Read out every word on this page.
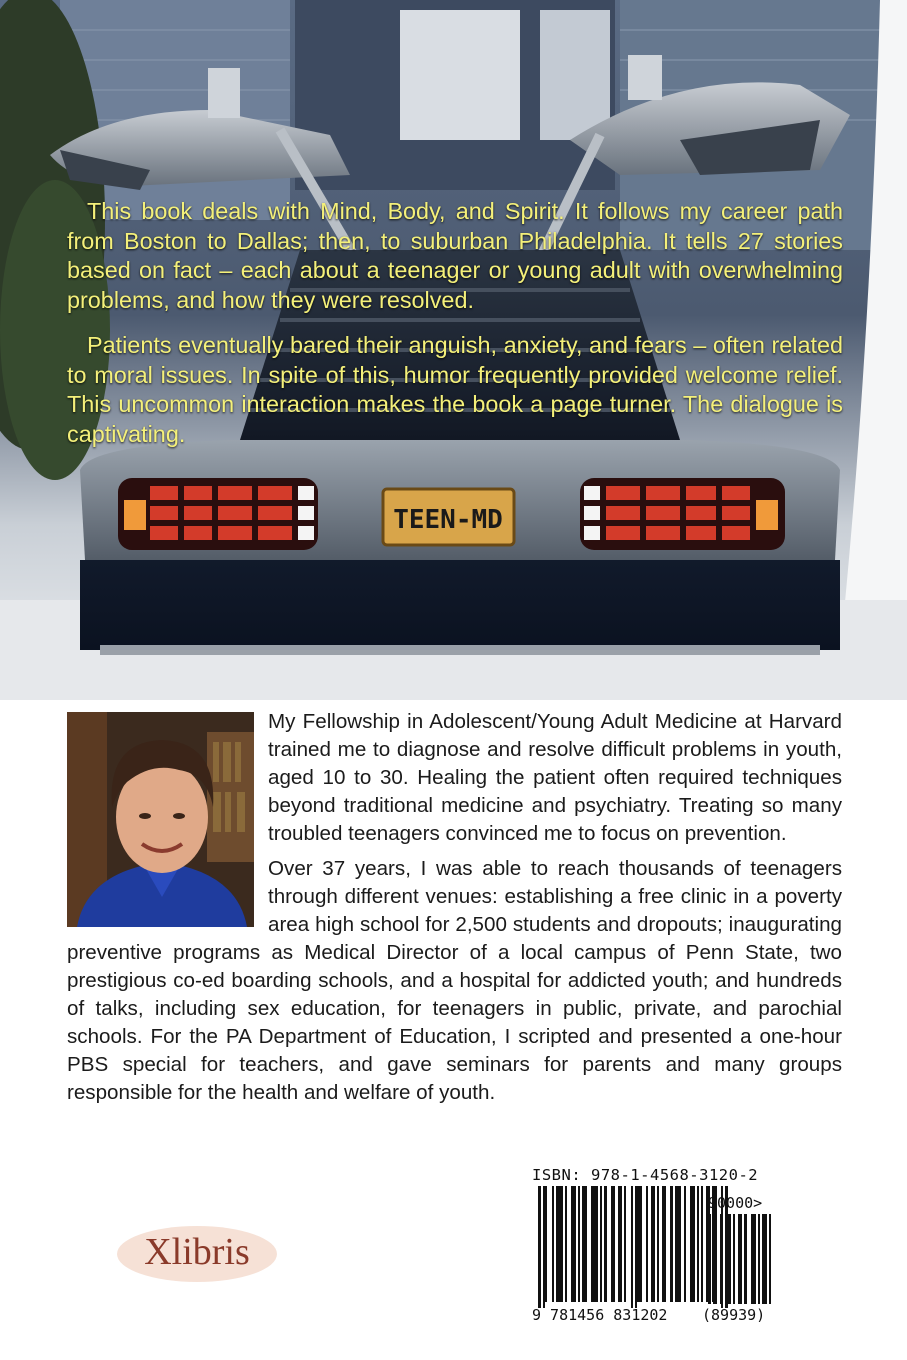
TEEN-MD

This book deals with Mind, Body, and Spirit. It follows my career path from Boston to Dallas; then, to suburban Philadelphia. It tells 27 stories based on fact – each about a teenager or young adult with overwhelming problems, and how they were resolved.

Patients eventually bared their anguish, anxiety, and fears – often related to moral issues. In spite of this, humor frequently provided welcome relief. This uncommon interaction makes the book a page turner. The dialogue is captivating.

My Fellowship in Adolescent/Young Adult Medicine at Harvard trained me to diagnose and resolve difficult problems in youth, aged 10 to 30. Healing the patient often required techniques beyond traditional medicine and psychiatry. Treating so many troubled teenagers convinced me to focus on prevention.

Over 37 years, I was able to reach thousands of teenagers through different venues: establishing a free clinic in a poverty area high school for 2,500 students and dropouts; inaugurating preventive programs as Medical Director of a local campus of Penn State, two prestigious co-ed boarding schools, and a hospital for addicted youth; and hundreds of talks, including sex education, for teenagers in public, private, and parochial schools. For the PA Department of Education, I scripted and presented a one-hour PBS special for teachers, and gave seminars for parents and many groups responsible for the health and welfare of youth.

Xlibris
ISBN: 978-1-4568-3120-2
9 781456 831202
90000>
(89939)
